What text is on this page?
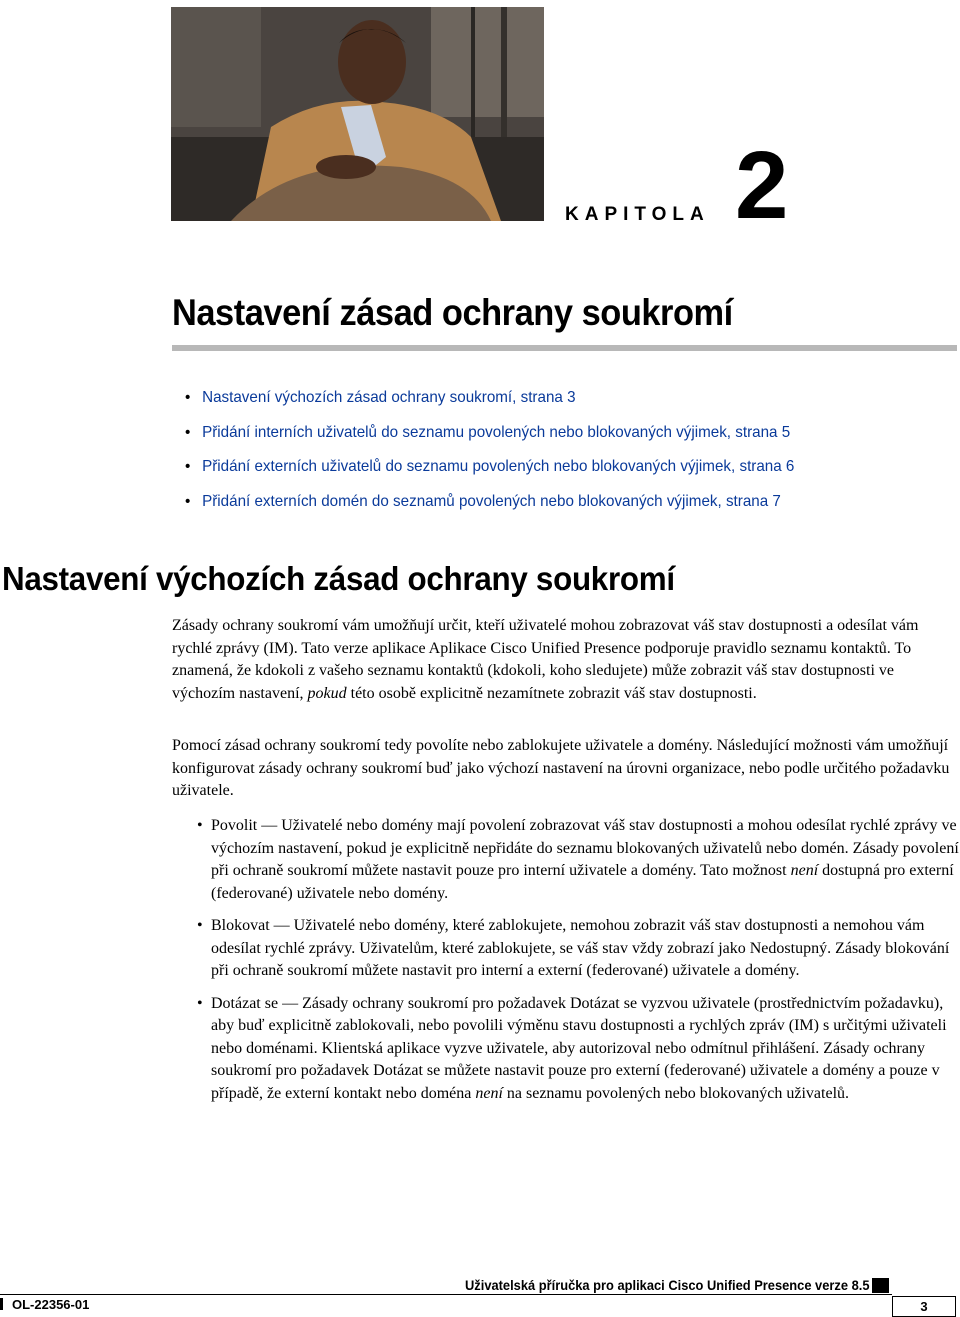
KAPITOLA 2
Nastavení zásad ochrany soukromí
• Nastavení výchozích zásad ochrany soukromí, strana 3
• Přidání interních uživatelů do seznamu povolených nebo blokovaných výjimek, strana 5
• Přidání externích uživatelů do seznamu povolených nebo blokovaných výjimek, strana 6
• Přidání externích domén do seznamů povolených nebo blokovaných výjimek, strana 7
Nastavení výchozích zásad ochrany soukromí
Zásady ochrany soukromí vám umožňují určit, kteří uživatelé mohou zobrazovat váš stav dostupnosti a odesílat vám rychlé zprávy (IM). Tato verze aplikace Aplikace Cisco Unified Presence podporuje pravidlo seznamu kontaktů. To znamená, že kdokoli z vašeho seznamu kontaktů (kdokoli, koho sledujete) může zobrazit váš stav dostupnosti ve výchozím nastavení, pokud této osobě explicitně nezamítnete zobrazit váš stav dostupnosti.
Pomocí zásad ochrany soukromí tedy povolíte nebo zablokujete uživatele a domény. Následující možnosti vám umožňují konfigurovat zásady ochrany soukromí buď jako výchozí nastavení na úrovni organizace, nebo podle určitého požadavku uživatele.
• Povolit — Uživatelé nebo domény mají povolení zobrazovat váš stav dostupnosti a mohou odesílat rychlé zprávy ve výchozím nastavení, pokud je explicitně nepřidáte do seznamu blokovaných uživatelů nebo domén. Zásady povolení při ochraně soukromí můžete nastavit pouze pro interní uživatele a domény. Tato možnost není dostupná pro externí (federované) uživatele nebo domény.
• Blokovat — Uživatelé nebo domény, které zablokujete, nemohou zobrazit váš stav dostupnosti a nemohou vám odesílat rychlé zprávy. Uživatelům, které zablokujete, se váš stav vždy zobrazí jako Nedostupný. Zásady blokování při ochraně soukromí můžete nastavit pro interní a externí (federované) uživatele a domény.
• Dotázat se — Zásady ochrany soukromí pro požadavek Dotázat se vyzvou uživatele (prostřednictvím požadavku), aby buď explicitně zablokovali, nebo povolili výměnu stavu dostupnosti a rychlých zpráv (IM) s určitými uživateli nebo doménami. Klientská aplikace vyzve uživatele, aby autorizoval nebo odmítnul přihlášení. Zásady ochrany soukromí pro požadavek Dotázat se můžete nastavit pouze pro externí (federované) uživatele a domény a pouze v případě, že externí kontakt nebo doména není na seznamu povolených nebo blokovaných uživatelů.
Uživatelská příručka pro aplikaci Cisco Unified Presence verze 8.5
OL-22356-01	3
